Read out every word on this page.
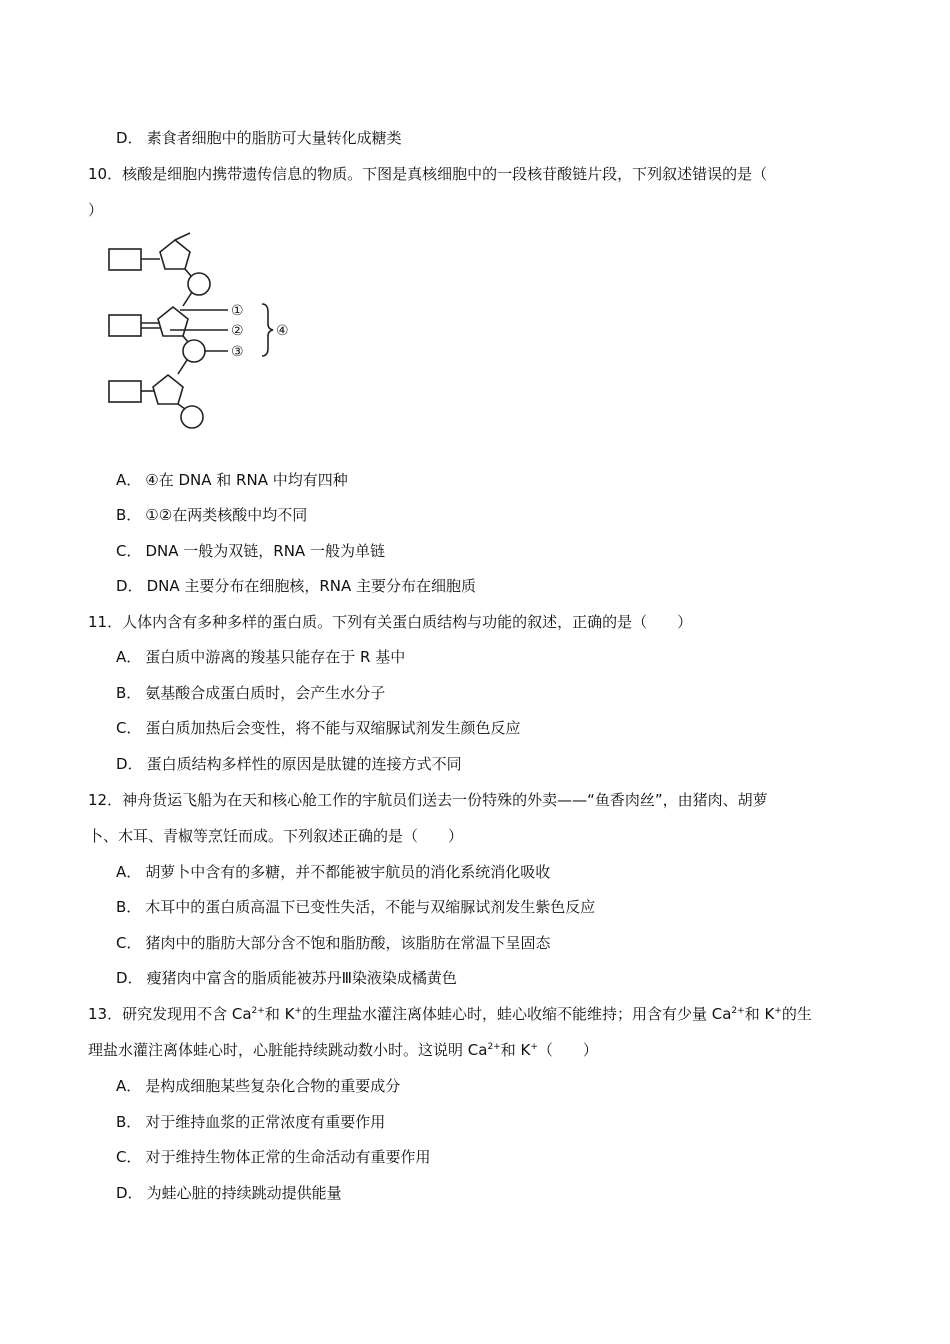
D． 素食者细胞中的脂肪可大量转化成糖类
10．核酸是细胞内携带遗传信息的物质。下图是真核细胞中的一段核苷酸链片段，下列叙述错误的是（
）
①
②
③
④
A． ④在 DNA 和 RNA 中均有四种
B． ①②在两类核酸中均不同
C． DNA 一般为双链，RNA 一般为单链
D． DNA 主要分布在细胞核，RNA 主要分布在细胞质
11．人体内含有多种多样的蛋白质。下列有关蛋白质结构与功能的叙述，正确的是（　　）
A． 蛋白质中游离的羧基只能存在于 R 基中
B． 氨基酸合成蛋白质时，会产生水分子
C． 蛋白质加热后会变性，将不能与双缩脲试剂发生颜色反应
D． 蛋白质结构多样性的原因是肽键的连接方式不同
12．神舟货运飞船为在天和核心舱工作的宇航员们送去一份特殊的外卖——“鱼香肉丝”，由猪肉、胡萝
卜、木耳、青椒等烹饪而成。下列叙述正确的是（　　）
A． 胡萝卜中含有的多糖，并不都能被宇航员的消化系统消化吸收
B． 木耳中的蛋白质高温下已变性失活，不能与双缩脲试剂发生紫色反应
C． 猪肉中的脂肪大部分含不饱和脂肪酸，该脂肪在常温下呈固态
D． 瘦猪肉中富含的脂质能被苏丹Ⅲ染液染成橘黄色
13．研究发现用不含 $Ca^{2+}$和 K+的生理盐水灌注离体蛙心时，蛙心收缩不能维持；用含有少量 $Ca^{2+}$和 K+的生
理盐水灌注离体蛙心时，心脏能持续跳动数小时。这说明 $Ca^{2+}$和 K+（　　）
A． 是构成细胞某些复杂化合物的重要成分
B． 对于维持血浆的正常浓度有重要作用
C． 对于维持生物体正常的生命活动有重要作用
D． 为蛙心脏的持续跳动提供能量
